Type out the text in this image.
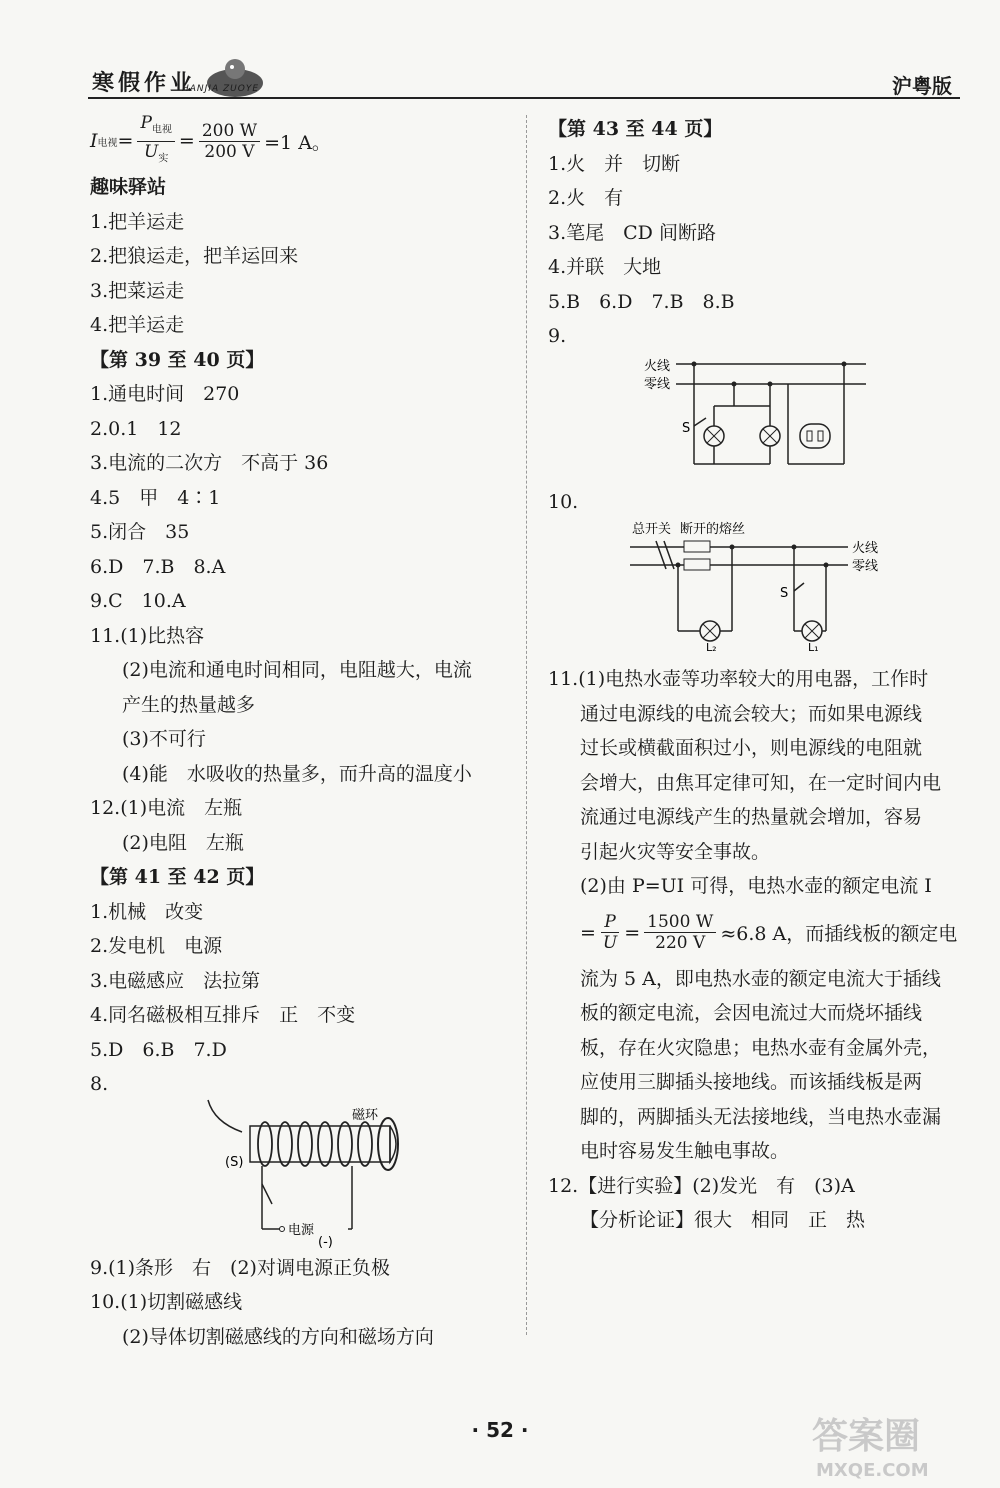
寒假作业
HANJIA ZUOYE	沪粤版
I 电视 = $\frac{P_{电视}}{U_实} = \frac{200 W}{200 V} =1$ A。
趣味驿站
1.把羊运走
2.把狼运走，把羊运回来
3.把菜运走
4.把羊运走
【第 39 至 40 页】
1.通电时间　270
2.0.1　12
3.电流的二次方　不高于 36
4.5　甲　4∶1
5.闭合　35
6.D　7.B　8.A
9.C　10.A
11.(1)比热容
(2)电流和通电时间相同，电阻越大，电流
产生的热量越多
(3)不可行
(4)能　水吸收的热量多，而升高的温度小
12.(1)电流　左瓶
(2)电阻　左瓶
【第 41 至 42 页】
1.机械　改变
2.发电机　电源
3.电磁感应　法拉第
4.同名磁极相互排斥　正　不变
5.D　6.B　7.D
8.
磁环
(S)
电源
(-)
9.(1)条形　右　(2)对调电源正负极
10.(1)切割磁感线
(2)导体切割磁感线的方向和磁场方向
【第 43 至 44 页】
1.火　并　切断
2.火　有
3.笔尾　CD 间断路
4.并联　大地
5.B　6.D　7.B　8.B
9.
火线
零线
S
10.
总开关 断开的熔丝
火线
零线
L₂
S
L₁
11.(1)电热水壶等功率较大的用电器，工作时
通过电源线的电流会较大；而如果电源线
过长或横截面积过小，则电源线的电阻就
会增大，由焦耳定律可知，在一定时间内电
流通过电源线产生的热量就会增加，容易
引起火灾等安全事故。
(2)由 P=UI 可得，电热水壶的额定电流 I
= $\frac{P}{U} = \frac{1500 W}{220 V} \approx 6.8$ A，而插线板的额定电
流为 5 A，即电热水壶的额定电流大于插线
板的额定电流，会因电流过大而烧坏插线
板，存在火灾隐患；电热水壶有金属外壳，
应使用三脚插头接地线。而该插线板是两
脚的，两脚插头无法接地线，当电热水壶漏
电时容易发生触电事故。
12.【进行实验】(2)发光　有　(3)A
【分析论证】很大　相同　正　热
· 52 ·	答案圈
MXQE.COM
